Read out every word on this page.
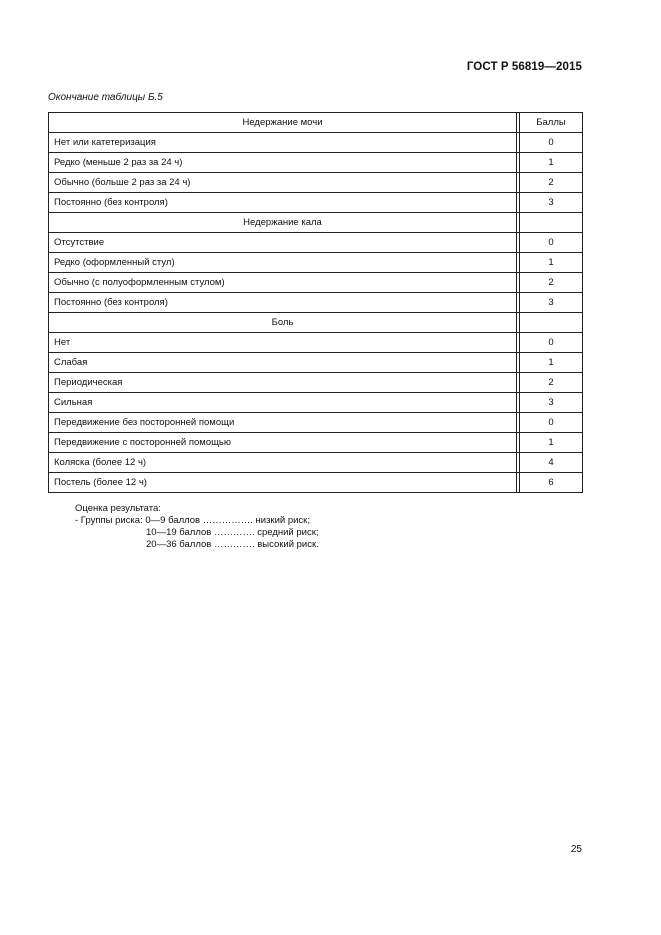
ГОСТ Р 56819—2015
Окончание таблицы Б.5
Недержание мочи		Баллы
Нет или катетеризация		0
Редко (меньше 2 раз за 24 ч)		1
Обычно (больше 2 раз за 24 ч)		2
Постоянно (без контроля)		3
Недержание кала		
Отсутствие		0
Редко (оформленный стул)		1
Обычно (с полуоформленным стулом)		2
Постоянно (без контроля)		3
Боль		
Нет		0
Слабая		1
Периодическая		2
Сильная		3
Передвижение без посторонней помощи		0
Передвижение с посторонней помощью		1
Коляска (более 12 ч)		4
Постель (более 12 ч)		6
Оценка результата:
- Группы риска: 0—9 баллов ……………. низкий риск;
10—19 баллов …………. средний риск;
20—36 баллов …………. высокий риск.
25
